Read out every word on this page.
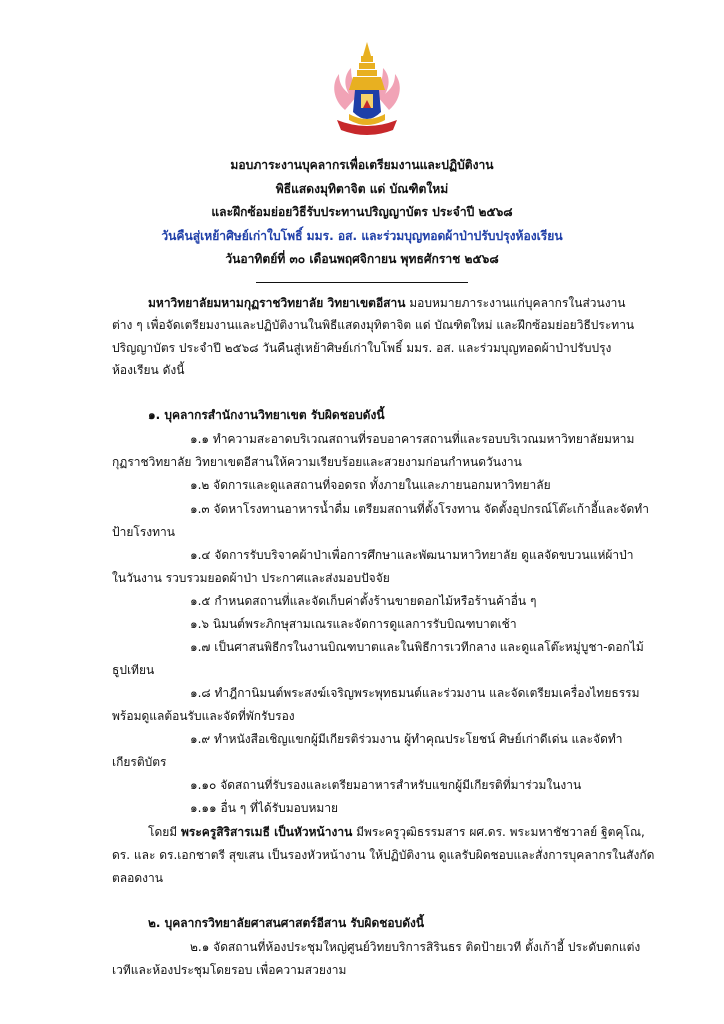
มอบภาระงานบุคลากรเพื่อเตรียมงานและปฏิบัติงาน
พิธีแสดงมุทิตาจิต แด่ บัณฑิตใหม่
และฝึกซ้อมย่อยวิธีรับประทานปริญญาบัตร ประจำปี ๒๕๖๘
วันคืนสู่เหย้าศิษย์เก่าใบโพธิ์ มมร. อส. และร่วมบุญทอดผ้าป่าปรับปรุงห้องเรียน
วันอาทิตย์ที่ ๓๐ เดือนพฤศจิกายน พุทธศักราช ๒๕๖๘
มหาวิทยาลัยมหามกุฏราชวิทยาลัย วิทยาเขตอีสาน มอบหมายภาระงานแก่บุคลากรในส่วนงาน
ต่าง ๆ เพื่อจัดเตรียมงานและปฏิบัติงานในพิธีแสดงมุทิตาจิต แด่ บัณฑิตใหม่ และฝึกซ้อมย่อยวิธีประทาน
ปริญญาบัตร ประจำปี ๒๕๖๘ วันคืนสู่เหย้าศิษย์เก่าใบโพธิ์ มมร. อส. และร่วมบุญทอดผ้าป่าปรับปรุง
ห้องเรียน ดังนี้
๑. บุคลากรสำนักงานวิทยาเขต รับผิดชอบดังนี้
๑.๑ ทำความสะอาดบริเวณสถานที่รอบอาคารสถานที่และรอบบริเวณมหาวิทยาลัยมหาม
กุฏราชวิทยาลัย วิทยาเขตอีสานให้ความเรียบร้อยและสวยงามก่อนกำหนดวันงาน
๑.๒ จัดการและดูแลสถานที่จอดรถ ทั้งภายในและภายนอกมหาวิทยาลัย
๑.๓ จัดหาโรงทานอาหารน้ำดื่ม เตรียมสถานที่ตั้งโรงทาน จัดตั้งอุปกรณ์โต๊ะเก้าอี้และจัดทำ
ป้ายโรงทาน
๑.๔ จัดการรับบริจาคผ้าป่าเพื่อการศึกษาและพัฒนามหาวิทยาลัย ดูแลจัดขบวนแห่ผ้าป่า
ในวันงาน รวบรวมยอดผ้าป่า ประกาศและส่งมอบปัจจัย
๑.๕ กำหนดสถานที่และจัดเก็บค่าตั้งร้านขายดอกไม้หรือร้านค้าอื่น ๆ
๑.๖ นิมนต์พระภิกษุสามเณรและจัดการดูแลการรับบิณฑบาตเช้า
๑.๗ เป็นศาสนพิธีกรในงานบิณฑบาตและในพิธีการเวทีกลาง และดูแลโต๊ะหมู่บูชา-ดอกไม้
ธูปเทียน
๑.๘ ทำฎีกานิมนต์พระสงฆ์เจริญพระพุทธมนต์และร่วมงาน และจัดเตรียมเครื่องไทยธรรม
พร้อมดูแลต้อนรับและจัดที่พักรับรอง
๑.๙ ทำหนังสือเชิญแขกผู้มีเกียรติร่วมงาน ผู้ทำคุณประโยชน์ ศิษย์เก่าดีเด่น และจัดทำ
เกียรติบัตร
๑.๑๐ จัดสถานที่รับรองและเตรียมอาหารสำหรับแขกผู้มีเกียรติที่มาร่วมในงาน
๑.๑๑ อื่น ๆ ที่ได้รับมอบหมาย
โดยมี พระครูสิริสารเมธี เป็นหัวหน้างาน มีพระครูวุฒิธรรมสาร ผศ.ดร. พระมหาชัชวาลย์ ฐิตคุโณ,
ดร. และ ดร.เอกชาตรี สุขเสน เป็นรองหัวหน้างาน ให้ปฏิบัติงาน ดูแลรับผิดชอบและสั่งการบุคลากรในสังกัด
ตลอดงาน
๒. บุคลากรวิทยาลัยศาสนศาสตร์อีสาน รับผิดชอบดังนี้
๒.๑ จัดสถานที่ห้องประชุมใหญ่ศูนย์วิทยบริการสิรินธร ติดป้ายเวที ตั้งเก้าอี้ ประดับตกแต่ง
เวทีและห้องประชุมโดยรอบ เพื่อความสวยงาม
